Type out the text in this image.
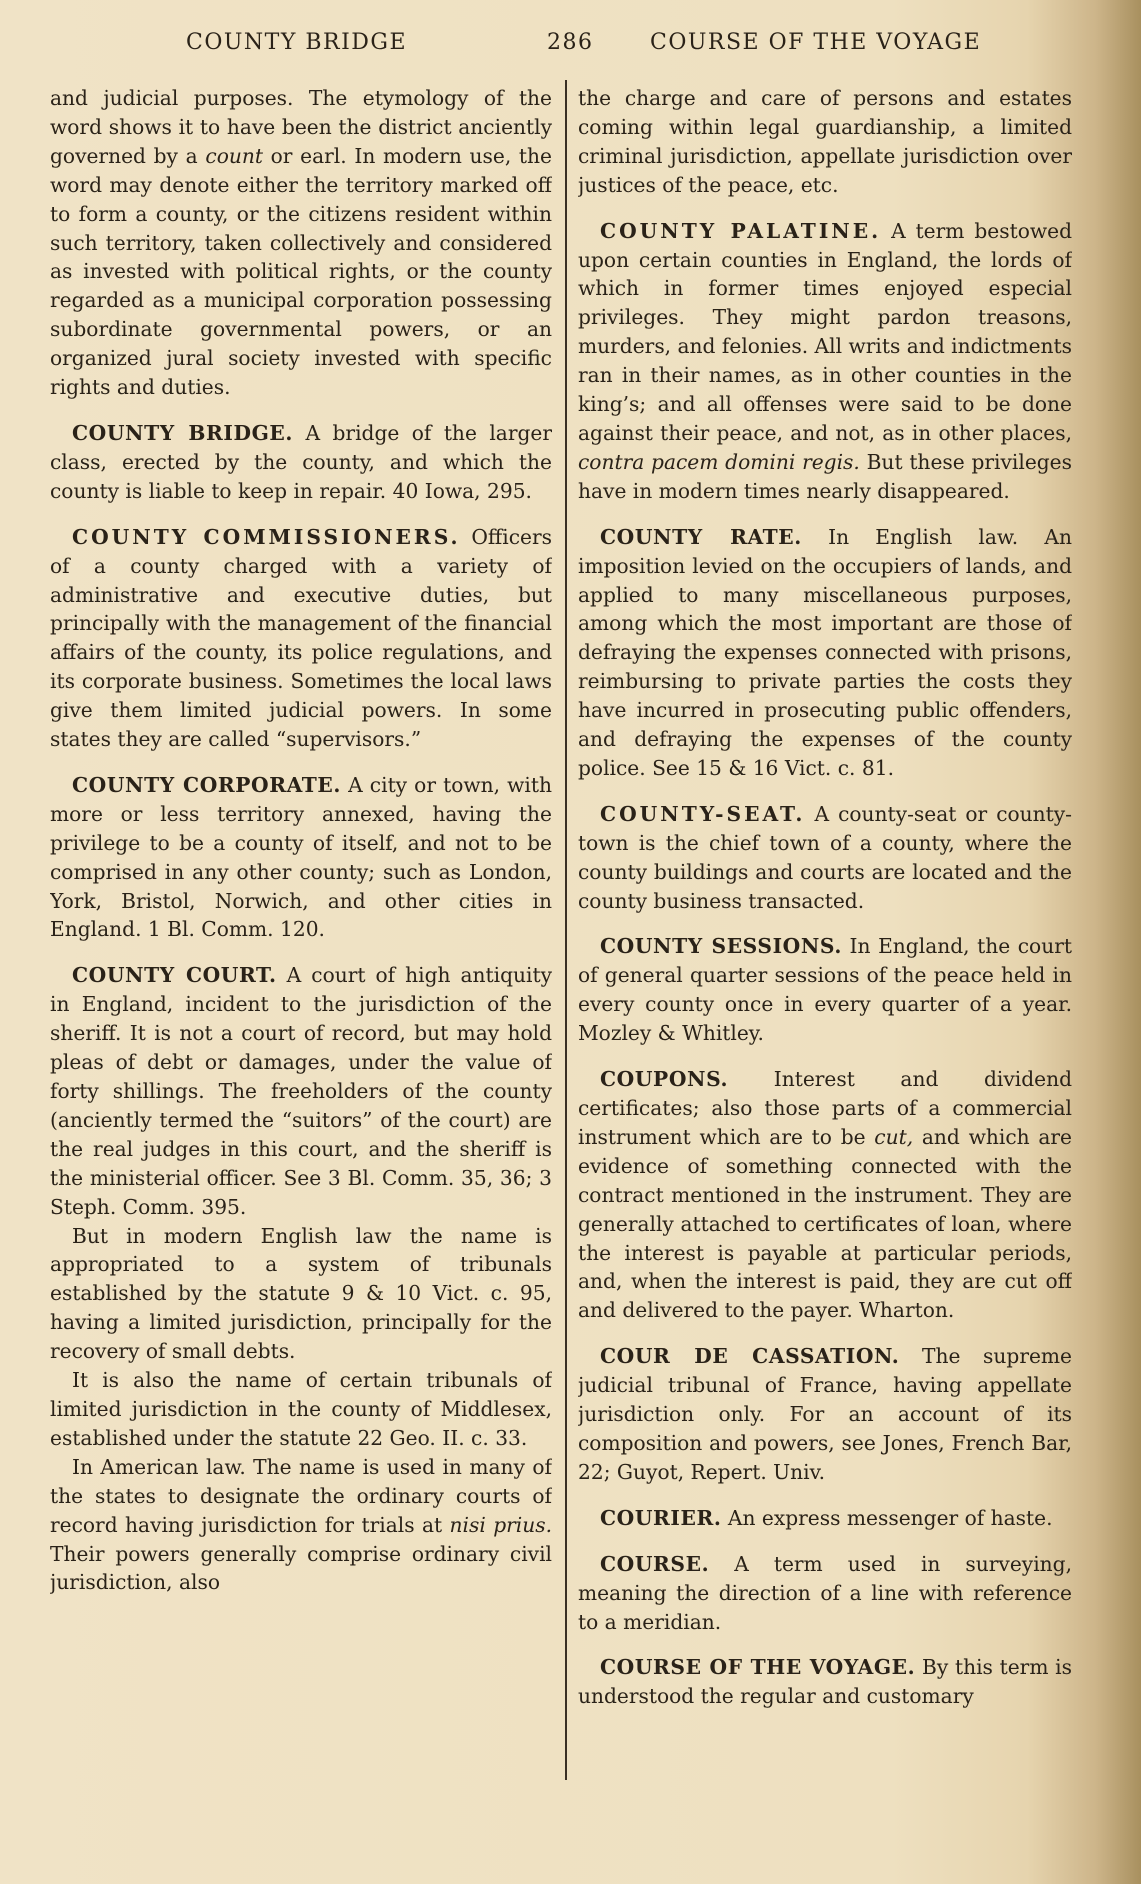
COUNTY BRIDGE	286	COURSE OF THE VOYAGE

and judicial purposes. The etymology of the word shows it to have been the district anciently governed by a count or earl. In modern use, the word may denote either the territory marked off to form a county, or the citizens resident within such territory, taken collectively and considered as invested with political rights, or the county regarded as a municipal corporation possessing subordinate governmental powers, or an organized jural society invested with specific rights and duties.

COUNTY BRIDGE. A bridge of the larger class, erected by the county, and which the county is liable to keep in repair. 40 Iowa, 295.

COUNTY COMMISSIONERS. Officers of a county charged with a variety of administrative and executive duties, but principally with the management of the financial affairs of the county, its police regulations, and its corporate business. Sometimes the local laws give them limited judicial powers. In some states they are called “supervisors.”

COUNTY CORPORATE. A city or town, with more or less territory annexed, having the privilege to be a county of itself, and not to be comprised in any other county; such as London, York, Bristol, Norwich, and other cities in England. 1 Bl. Comm. 120.

COUNTY COURT. A court of high antiquity in England, incident to the jurisdiction of the sheriff. It is not a court of record, but may hold pleas of debt or damages, under the value of forty shillings. The freeholders of the county (anciently termed the “suitors” of the court) are the real judges in this court, and the sheriff is the ministerial officer. See 3 Bl. Comm. 35, 36; 3 Steph. Comm. 395.

But in modern English law the name is appropriated to a system of tribunals established by the statute 9 & 10 Vict. c. 95, having a limited jurisdiction, principally for the recovery of small debts.

It is also the name of certain tribunals of limited jurisdiction in the county of Middlesex, established under the statute 22 Geo. II. c. 33.

In American law. The name is used in many of the states to designate the ordinary courts of record having jurisdiction for trials at nisi prius. Their powers generally comprise ordinary civil jurisdiction, also

the charge and care of persons and estates coming within legal guardianship, a limited criminal jurisdiction, appellate jurisdiction over justices of the peace, etc.

COUNTY PALATINE. A term bestowed upon certain counties in England, the lords of which in former times enjoyed especial privileges. They might pardon treasons, murders, and felonies. All writs and indictments ran in their names, as in other counties in the king’s; and all offenses were said to be done against their peace, and not, as in other places, contra pacem domini regis. But these privileges have in modern times nearly disappeared.

COUNTY RATE. In English law. An imposition levied on the occupiers of lands, and applied to many miscellaneous purposes, among which the most important are those of defraying the expenses connected with prisons, reimbursing to private parties the costs they have incurred in prosecuting public offenders, and defraying the expenses of the county police. See 15 & 16 Vict. c. 81.

COUNTY-SEAT. A county-seat or county-town is the chief town of a county, where the county buildings and courts are located and the county business transacted.

COUNTY SESSIONS. In England, the court of general quarter sessions of the peace held in every county once in every quarter of a year. Mozley & Whitley.

COUPONS. Interest and dividend certificates; also those parts of a commercial instrument which are to be cut, and which are evidence of something connected with the contract mentioned in the instrument. They are generally attached to certificates of loan, where the interest is payable at particular periods, and, when the interest is paid, they are cut off and delivered to the payer. Wharton.

COUR DE CASSATION. The supreme judicial tribunal of France, having appellate jurisdiction only. For an account of its composition and powers, see Jones, French Bar, 22; Guyot, Repert. Univ.

COURIER. An express messenger of haste.

COURSE. A term used in surveying, meaning the direction of a line with reference to a meridian.

COURSE OF THE VOYAGE. By this term is understood the regular and customary
